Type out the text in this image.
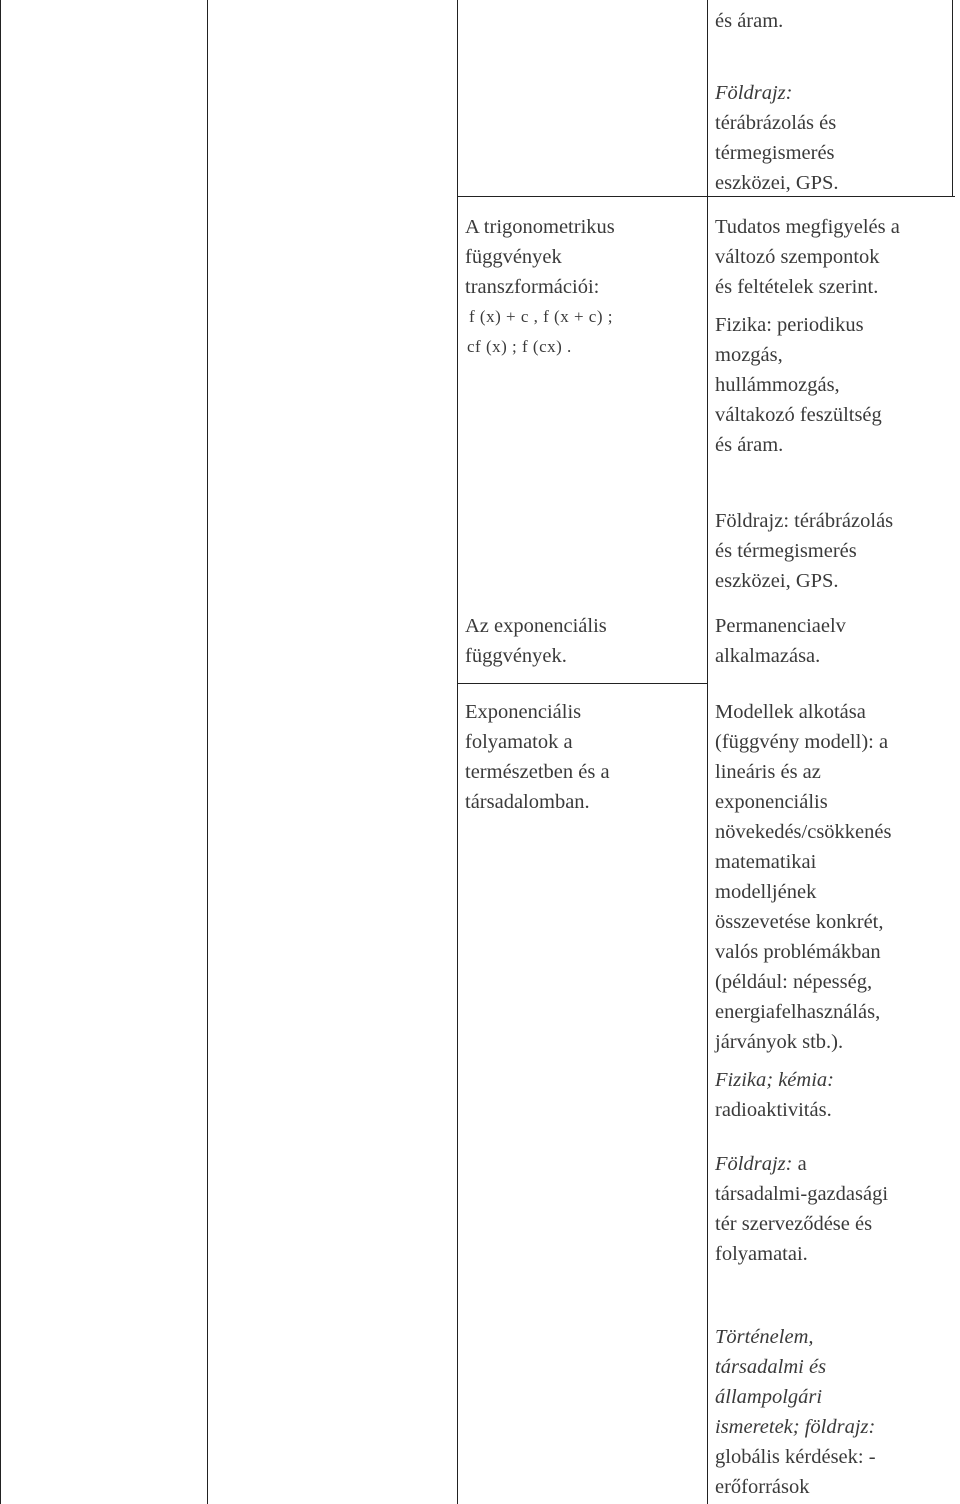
és áram.
Földrajz:
térábrázolás és
térmegismerés
eszközei, GPS.
A trigonometrikus
függvények
transzformációi:
f (x) + c , f (x + c) ;
cf (x) ; f (cx) .
Tudatos megfigyelés a
változó szempontok
és feltételek szerint.
Fizika: periodikus
mozgás,
hullámmozgás,
váltakozó feszültség
és áram.
Földrajz: térábrázolás
és térmegismerés
eszközei, GPS.
Az exponenciális
függvények.
Exponenciális
folyamatok a
természetben és a
társadalomban.
Permanenciaelv
alkalmazása.
Modellek alkotása
(függvény modell): a
lineáris és az
exponenciális
növekedés/csökkenés
matematikai
modelljének
összevetése konkrét,
valós problémákban
(például: népesség,
energiafelhasználás,
járványok stb.).
Fizika; kémia:
radioaktivitás.
Földrajz: a
társadalmi-gazdasági
tér szerveződése és
folyamatai.
Történelem,
társadalmi és
állampolgári
ismeretek; földrajz:
globális kérdések: -
erőforrások
